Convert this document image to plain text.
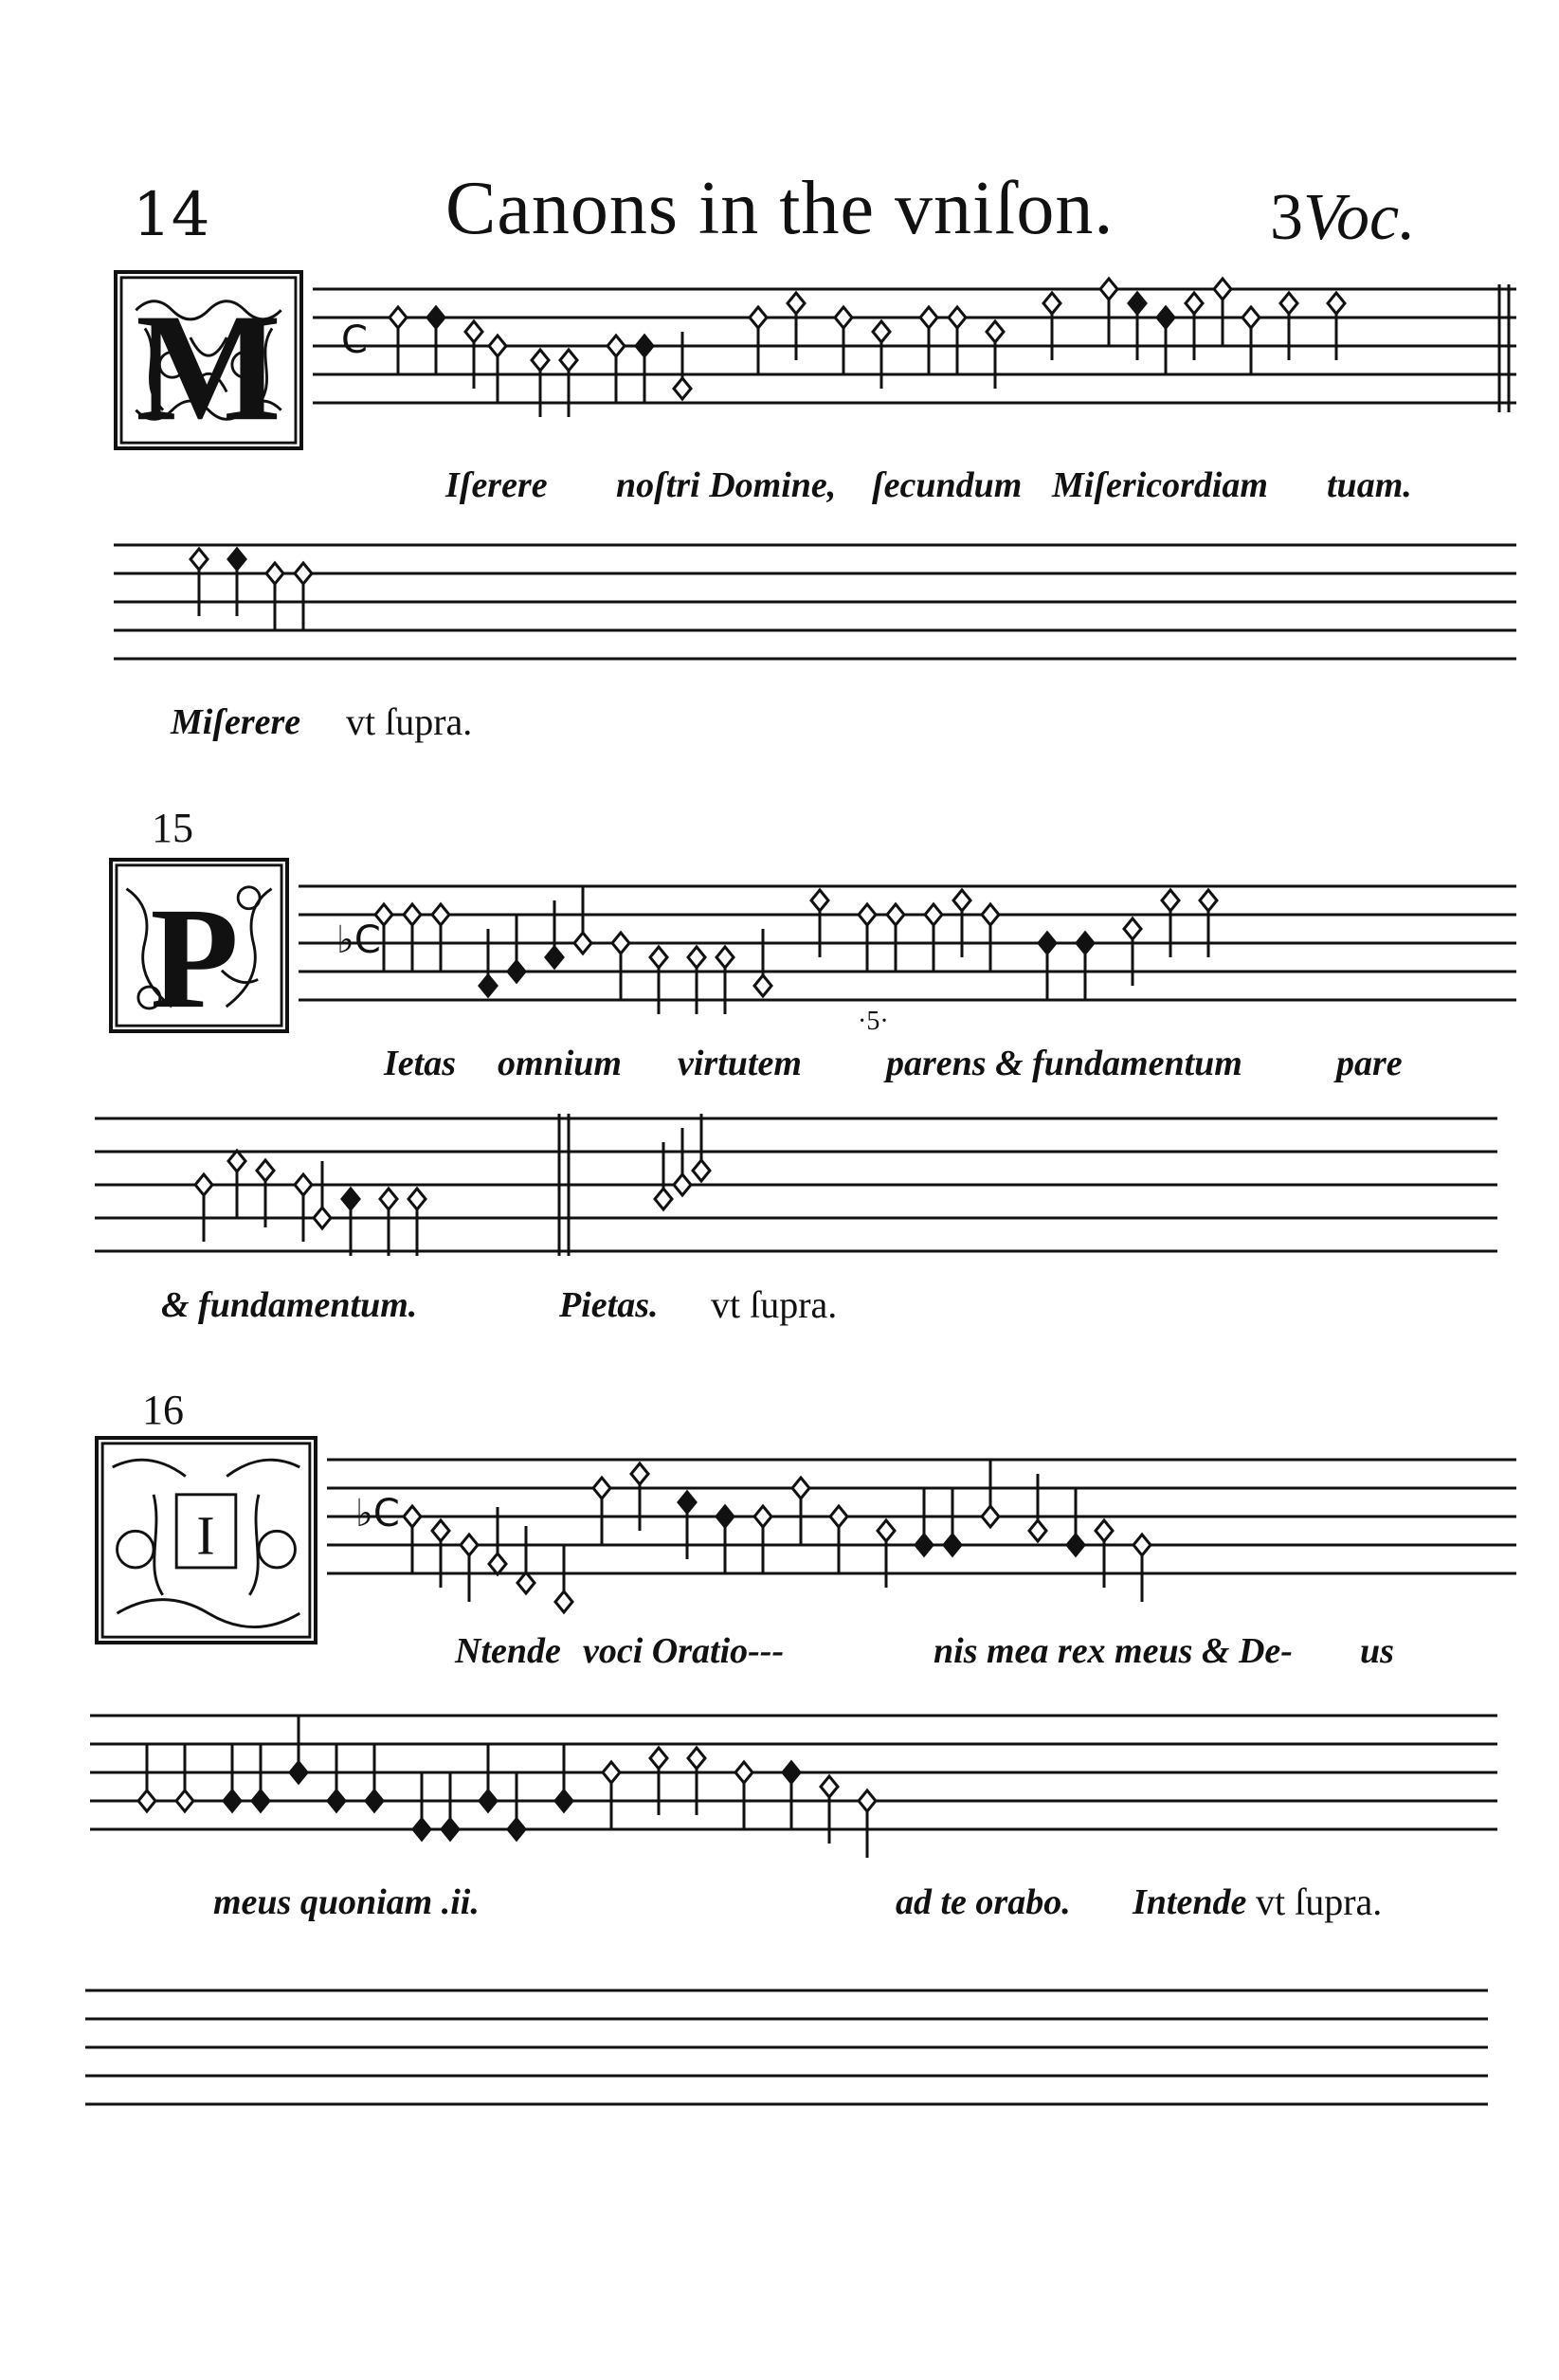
14	Canons in the vniſon. 3Voc.
M C
Iſerere noſtri Domine, ſecundum Miſericordiam tuam.
Miſerere vt ſupra.
15
P	♭C
·5·
Ietas omnium virtutem parens & fundamentum	pare
& fundamentum.	Pietas. vt ſupra.
16
I	♭C
Ntende voci Oratio---	nis mea rex meus & De- us
meus quoniam .ii.	ad te orabo. Intende vt ſupra.
